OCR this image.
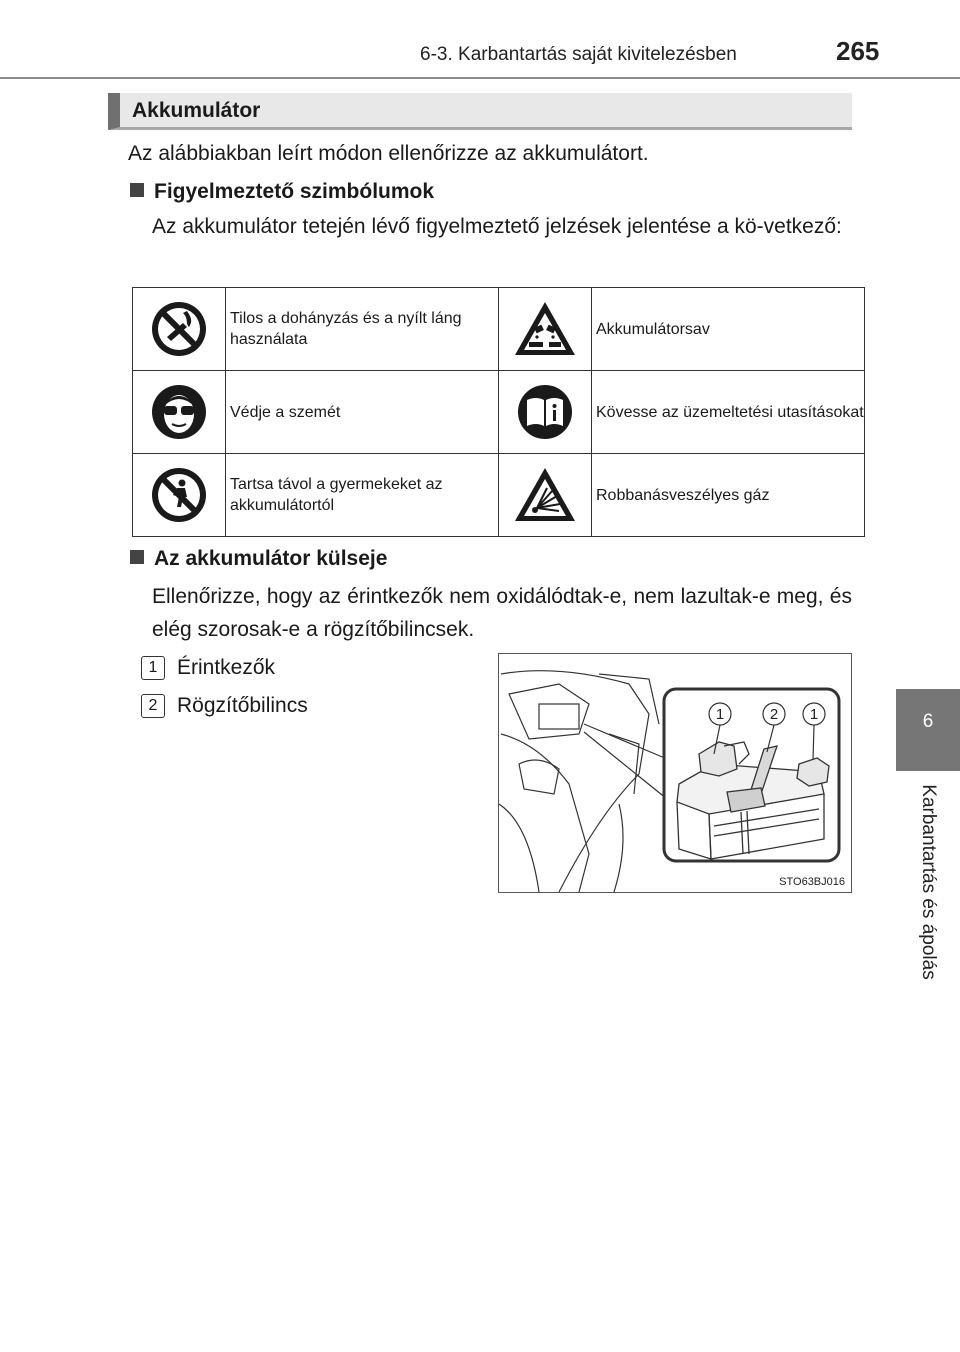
6-3. Karbantartás saját kivitelezésben	265
6
Karbantartás és ápolás
Akkumulátor
Az alábbiakban leírt módon ellenőrizze az akkumulátort.
Figyelmeztető szimbólumok
Az akkumulátor tetején lévő figyelmeztető jelzések jelentése a kö-vetkező:
	Tilos a dohányzás és a nyílt láng használata		Akkumulátorsav

	Védje a szemét		Kövesse az üzemeltetési utasításokat

	Tartsa távol a gyermekeket az akkumulátortól		Robbanásveszélyes gáz
Az akkumulátor külseje
Ellenőrizze, hogy az érintkezők nem oxidálódtak-e, nem lazultak-e meg, és elég szorosak-e a rögzítőbilincsek.
1 Érintkezők
2 Rögzítőbilincs	1	2 1
STO63BJ016
